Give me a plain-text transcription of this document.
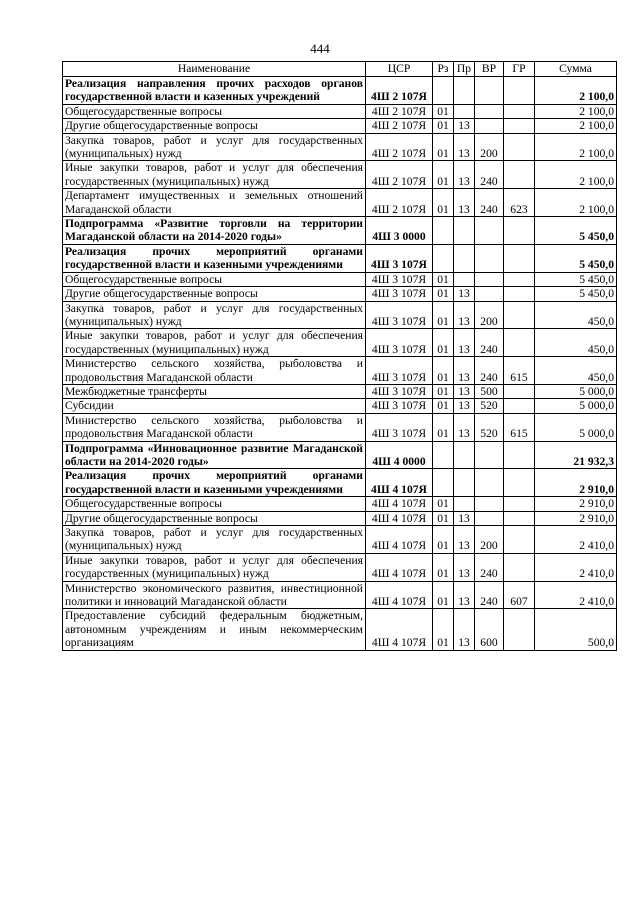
444
Наименование	ЦСР	Рз	Пр	ВР	ГР	Сумма
Реализация направления прочих расходов органов государственной власти и казенных учреждений	4Ш 2 107Я					2 100,0
Общегосударственные вопросы	4Ш 2 107Я	01				2 100,0
Другие общегосударственные вопросы	4Ш 2 107Я	01	13			2 100,0
Закупка товаров, работ и услуг для государственных (муниципальных) нужд	4Ш 2 107Я	01	13	200		2 100,0
Иные закупки товаров, работ и услуг для обеспечения государственных (муниципальных) нужд	4Ш 2 107Я	01	13	240		2 100,0
Департамент имущественных и земельных отношений Магаданской области	4Ш 2 107Я	01	13	240	623	2 100,0
Подпрограмма «Развитие торговли на территории Магаданской области на 2014-2020 годы»	4Ш 3 0000					5 450,0
Реализация прочих мероприятий органами государственной власти и казенными учреждениями	4Ш 3 107Я					5 450,0
Общегосударственные вопросы	4Ш 3 107Я	01				5 450,0
Другие общегосударственные вопросы	4Ш 3 107Я	01	13			5 450,0
Закупка товаров, работ и услуг для государственных (муниципальных) нужд	4Ш 3 107Я	01	13	200		450,0
Иные закупки товаров, работ и услуг для обеспечения государственных (муниципальных) нужд	4Ш 3 107Я	01	13	240		450,0
Министерство сельского хозяйства, рыболовства и продовольствия Магаданской области	4Ш 3 107Я	01	13	240	615	450,0
Межбюджетные трансферты	4Ш 3 107Я	01	13	500		5 000,0
Субсидии	4Ш 3 107Я	01	13	520		5 000,0
Министерство сельского хозяйства, рыболовства и продовольствия Магаданской области	4Ш 3 107Я	01	13	520	615	5 000,0
Подпрограмма «Инновационное развитие Магаданской области на 2014-2020 годы»	4Ш 4 0000					21 932,3
Реализация прочих мероприятий органами государственной власти и казенными учреждениями	4Ш 4 107Я					2 910,0
Общегосударственные вопросы	4Ш 4 107Я	01				2 910,0
Другие общегосударственные вопросы	4Ш 4 107Я	01	13			2 910,0
Закупка товаров, работ и услуг для государственных (муниципальных) нужд	4Ш 4 107Я	01	13	200		2 410,0
Иные закупки товаров, работ и услуг для обеспечения государственных (муниципальных) нужд	4Ш 4 107Я	01	13	240		2 410,0
Министерство экономического развития, инвестиционной политики и инноваций Магаданской области	4Ш 4 107Я	01	13	240	607	2 410,0
Предоставление субсидий федеральным бюджетным, автономным учреждениям и иным некоммерческим организациям	4Ш 4 107Я	01	13	600		500,0
